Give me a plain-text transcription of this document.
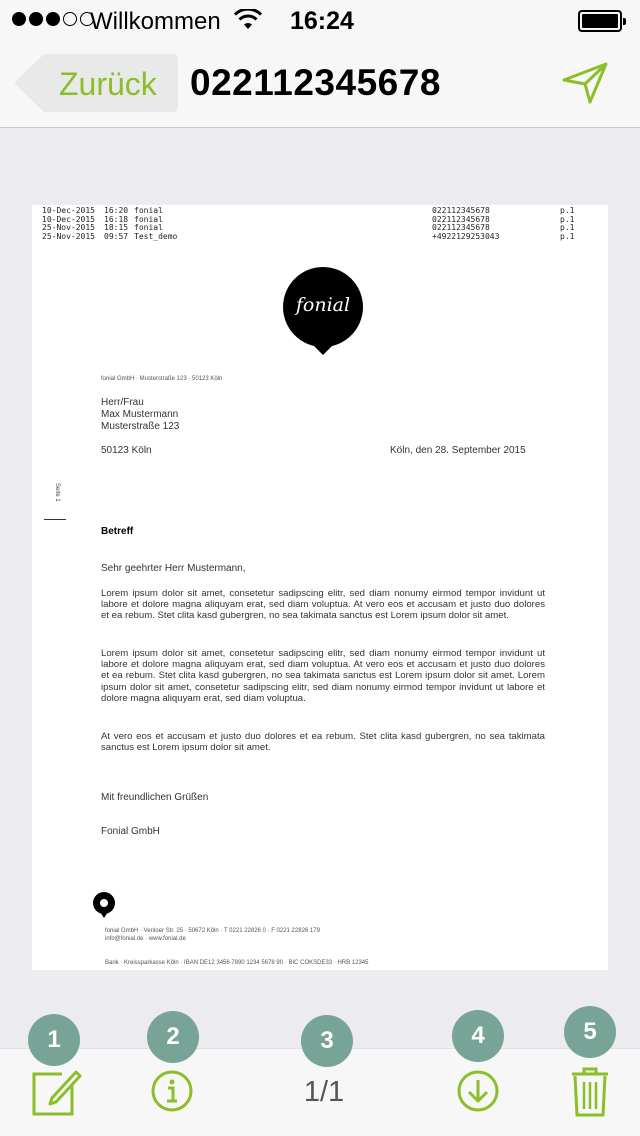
Willkommen	16:24
Zurück 022112345678
10-Dec-2015	16:20 fonial	022112345678	p.1
10-Dec-2015	16:18 fonial	022112345678	p.1
25-Nov-2015	18:15 fonial	022112345678	p.1
25-Nov-2015	09:57 Test_demo	+4922129253043	p.1
fonial
fonial GmbH · Musterstraße 123 · 50123 Köln
Herr/Frau
Max Mustermann
Musterstraße 123
50123 Köln	Köln, den 28. September 2015
Seite 1
Betreff
Sehr geehrter Herr Mustermann,

Lorem ipsum dolor sit amet, consetetur sadipscing elitr, sed diam nonumy eirmod tempor invidunt ut labore et dolore magna aliquyam erat, sed diam voluptua. At vero eos et accusam et justo duo dolores et ea rebum. Stet clita kasd gubergren, no sea takimata sanctus est Lorem ipsum dolor sit amet.

Lorem ipsum dolor sit amet, consetetur sadipscing elitr, sed diam nonumy eirmod tempor invidunt ut labore et dolore magna aliquyam erat, sed diam voluptua. At vero eos et accusam et justo duo dolores et ea rebum. Stet clita kasd gubergren, no sea takimata sanctus est Lorem ipsum dolor sit amet. Lorem ipsum dolor sit amet, consetetur sadipscing elitr, sed diam nonumy eirmod tempor invidunt ut labore et dolore magna aliquyam erat, sed diam voluptua.

At vero eos et accusam et justo duo dolores et ea rebum. Stet clita kasd gubergren, no sea takimata sanctus est Lorem ipsum dolor sit amet.

Mit freundlichen Grüßen
Fonial GmbH
fonial GmbH · Venloer Str. 25 · 50672 Köln · T 0221 22826 0 · F 0221 22826 179
info@fonial.de · www.fonial.de
Bank · Kreissparkasse Köln · IBAN DE12 3456 7890 1234 5678 90 · BIC COKSDE33 · HRB 12345
1/1
1	2	3	4	5
